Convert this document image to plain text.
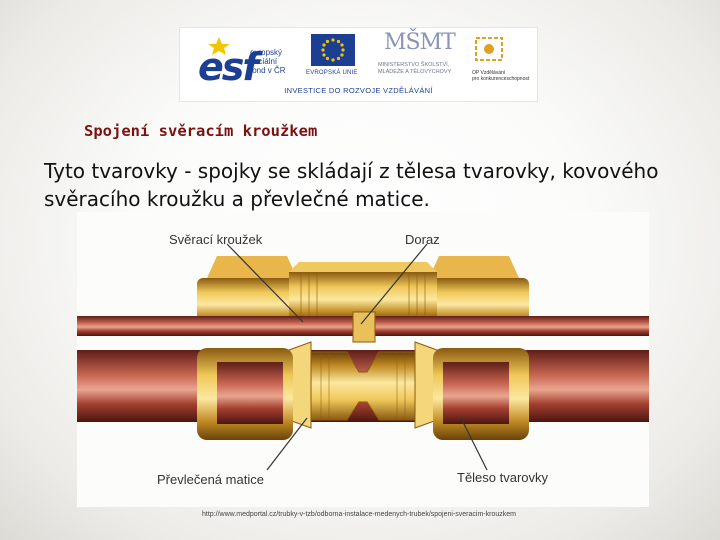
esf
evropský
sociální
fond v ČR	EVROPSKÁ UNIE
MŠMT
MINISTERSTVO ŠKOLSTVÍ,
MLÁDEŽE A TĚLOVÝCHOVY	OP Vzdělávání
pro konkurenceschopnost
INVESTICE DO ROZVOJE VZDĚLÁVÁNÍ
Spojení svěracím kroužkem
Tyto tvarovky - spojky se skládají z tělesa tvarovky, kovového svěracího kroužku a převlečné matice.
Svěrací kroužek	Doraz
Převlečená matice	Těleso tvarovky
http://www.medportal.cz/trubky-v-tzb/odborna-instalace-medenych-trubek/spojeni-sveracim-krouzkem
